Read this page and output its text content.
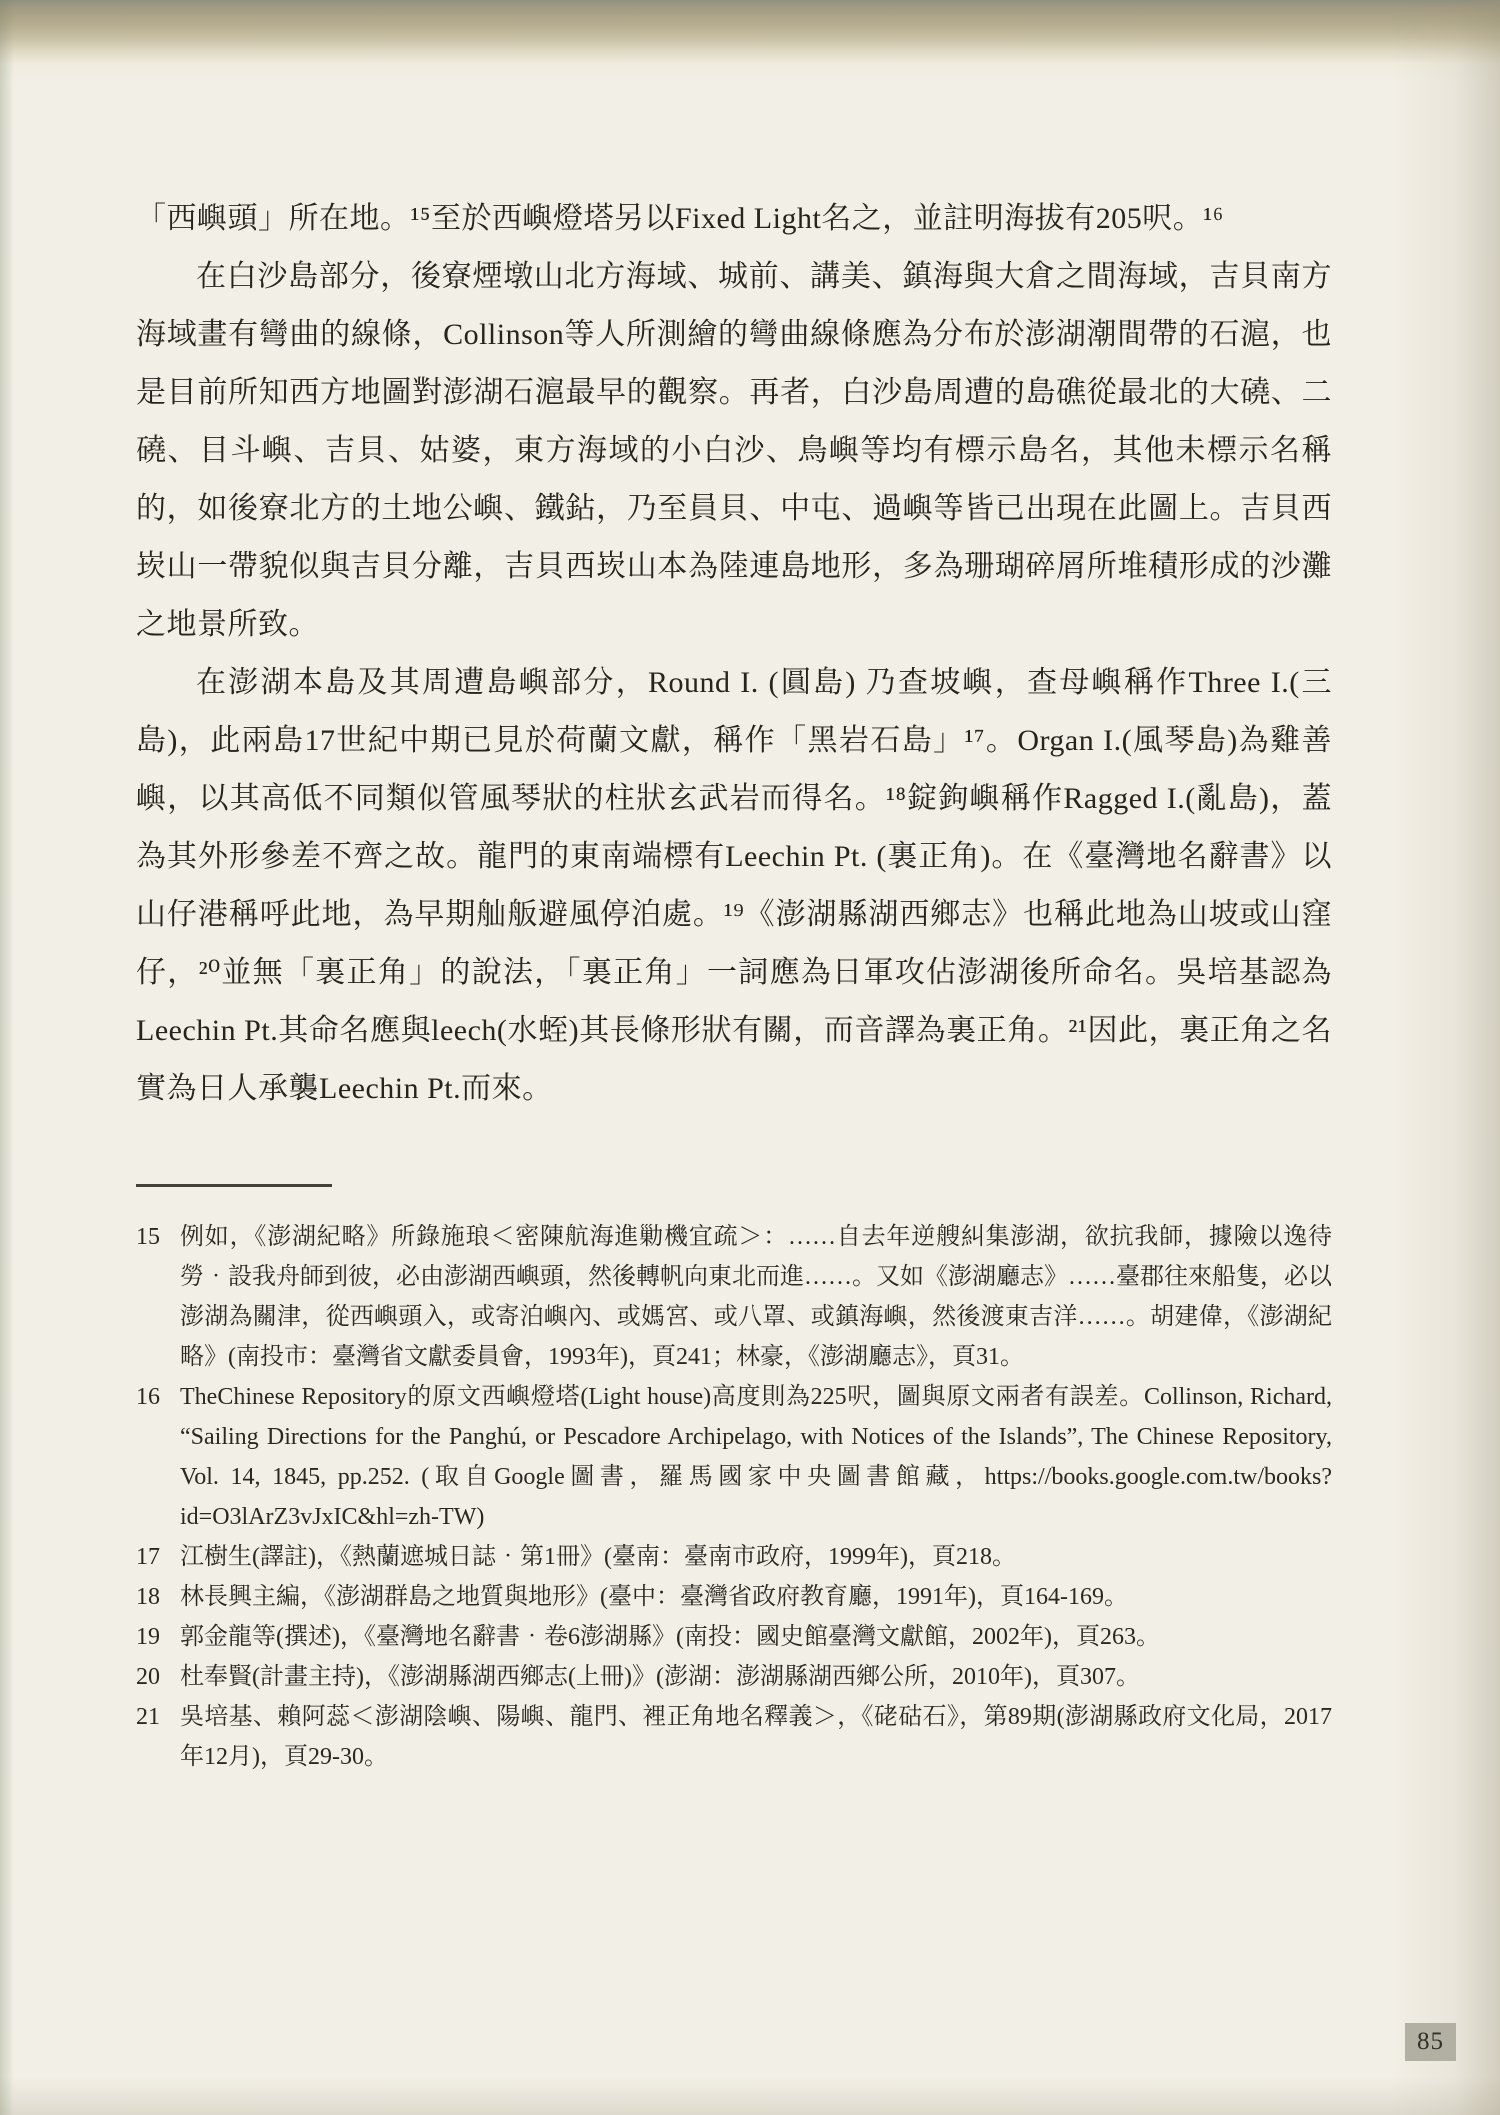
「西嶼頭」所在地。¹⁵至於西嶼燈塔另以Fixed Light名之，並註明海拔有205呎。¹⁶

在白沙島部分，後寮煙墩山北方海域、城前、講美、鎮海與大倉之間海域，吉貝南方海域畫有彎曲的線條，Collinson等人所測繪的彎曲線條應為分布於澎湖潮間帶的石滬，也是目前所知西方地圖對澎湖石滬最早的觀察。再者，白沙島周遭的島礁從最北的大磽、二磽、目斗嶼、吉貝、姑婆，東方海域的小白沙、鳥嶼等均有標示島名，其他未標示名稱的，如後寮北方的土地公嶼、鐵鉆，乃至員貝、中屯、過嶼等皆已出現在此圖上。吉貝西崁山一帶貌似與吉貝分離，吉貝西崁山本為陸連島地形，多為珊瑚碎屑所堆積形成的沙灘之地景所致。

在澎湖本島及其周遭島嶼部分，Round I. (圓島) 乃查坡嶼，查母嶼稱作Three I.(三島)，此兩島17世紀中期已見於荷蘭文獻，稱作「黑岩石島」¹⁷。Organ I.(風琴島)為雞善嶼，以其高低不同類似管風琴狀的柱狀玄武岩而得名。¹⁸錠鉤嶼稱作Ragged I.(亂島)，蓋為其外形參差不齊之故。龍門的東南端標有Leechin Pt. (裏正角)。在《臺灣地名辭書》以山仔港稱呼此地，為早期舢舨避風停泊處。¹⁹《澎湖縣湖西鄉志》也稱此地為山坡或山窪仔，²⁰並無「裏正角」的說法，「裏正角」一詞應為日軍攻佔澎湖後所命名。吳培基認為Leechin Pt.其命名應與leech(水蛭)其長條形狀有關，而音譯為裏正角。²¹因此，裏正角之名實為日人承襲Leechin Pt.而來。

15 例如，《澎湖紀略》所錄施琅＜密陳航海進勦機宜疏＞：……自去年逆艘糾集澎湖，欲抗我師，據險以逸待勞‧設我舟師到彼，必由澎湖西嶼頭，然後轉帆向東北而進……。又如《澎湖廳志》……臺郡往來船隻，必以澎湖為關津，從西嶼頭入，或寄泊嶼內、或媽宮、或八罩、或鎮海嶼，然後渡東吉洋……。胡建偉，《澎湖紀略》(南投市：臺灣省文獻委員會，1993年)，頁241；林豪，《澎湖廳志》，頁31。
16 TheChinese Repository的原文西嶼燈塔(Light house)高度則為225呎，圖與原文兩者有誤差。Collinson, Richard, “Sailing Directions for the Panghú, or Pescadore Archipelago, with Notices of the Islands”, The Chinese Repository, Vol. 14, 1845, pp.252. (取自Google圖書，羅馬國家中央圖書館藏，https://books.google.com.tw/books?id=O3lArZ3vJxIC&hl=zh-TW)
17 江樹生(譯註)，《熱蘭遮城日誌‧第1冊》(臺南：臺南市政府，1999年)，頁218。
18 林長興主編，《澎湖群島之地質與地形》(臺中：臺灣省政府教育廳，1991年)，頁164-169。
19 郭金龍等(撰述)，《臺灣地名辭書‧卷6澎湖縣》(南投：國史館臺灣文獻館，2002年)，頁263。
20 杜奉賢(計畫主持)，《澎湖縣湖西鄉志(上冊)》(澎湖：澎湖縣湖西鄉公所，2010年)，頁307。
21 吳培基、賴阿蕊＜澎湖陰嶼、陽嶼、龍門、裡正角地名釋義＞，《硓𥑮石》，第89期(澎湖縣政府文化局，2017年12月)，頁29-30。
85
